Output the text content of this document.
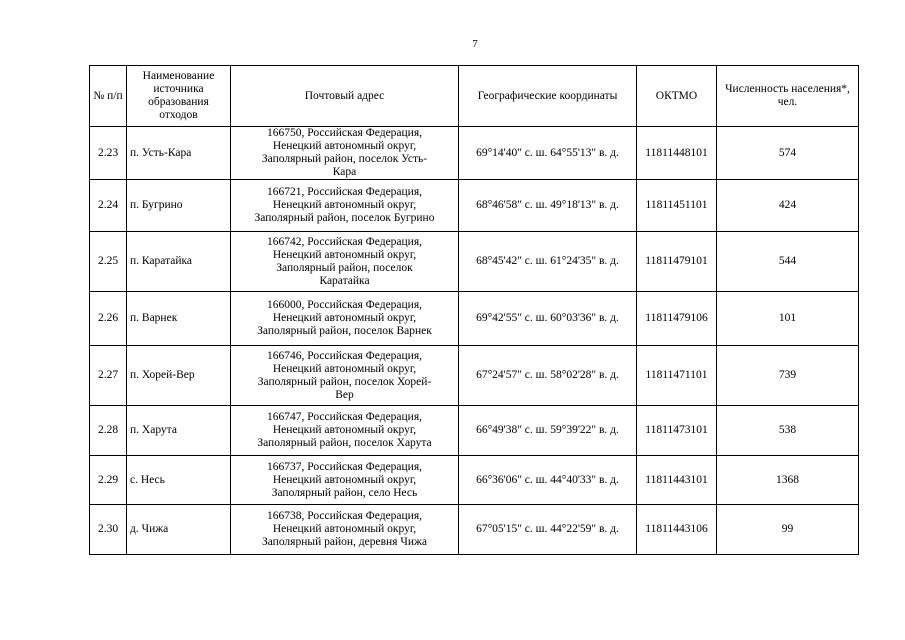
7
№ п/п	Наименование источника образования отходов	Почтовый адрес	Географические координаты	ОКТМО	Численность населения*, чел.
2.23	п. Усть-Кара	166750, Российская Федерация,
Ненецкий автономный округ,
Заполярный район, поселок Усть-
Кара	69°14'40" с. ш. 64°55'13" в. д.	11811448101	574
2.24	п. Бугрино	166721, Российская Федерация,
Ненецкий автономный округ,
Заполярный район, поселок Бугрино	68°46'58" с. ш. 49°18'13" в. д.	11811451101	424
2.25	п. Каратайка	166742, Российская Федерация,
Ненецкий автономный округ,
Заполярный район, поселок
Каратайка	68°45'42" с. ш. 61°24'35" в. д.	11811479101	544
2.26	п. Варнек	166000, Российская Федерация,
Ненецкий автономный округ,
Заполярный район, поселок Варнек	69°42'55" с. ш. 60°03'36" в. д.	11811479106	101
2.27	п. Хорей-Вер	166746, Российская Федерация,
Ненецкий автономный округ,
Заполярный район, поселок Хорей-
Вер	67°24'57" с. ш. 58°02'28" в. д.	11811471101	739
2.28	п. Харута	166747, Российская Федерация,
Ненецкий автономный округ,
Заполярный район, поселок Харута	66°49'38" с. ш. 59°39'22" в. д.	11811473101	538
2.29	с. Несь	166737, Российская Федерация,
Ненецкий автономный округ,
Заполярный район, село Несь	66°36'06" с. ш. 44°40'33" в. д.	11811443101	1368
2.30	д. Чижа	166738, Российская Федерация,
Ненецкий автономный округ,
Заполярный район, деревня Чижа	67°05'15" с. ш. 44°22'59" в. д.	11811443106	99
